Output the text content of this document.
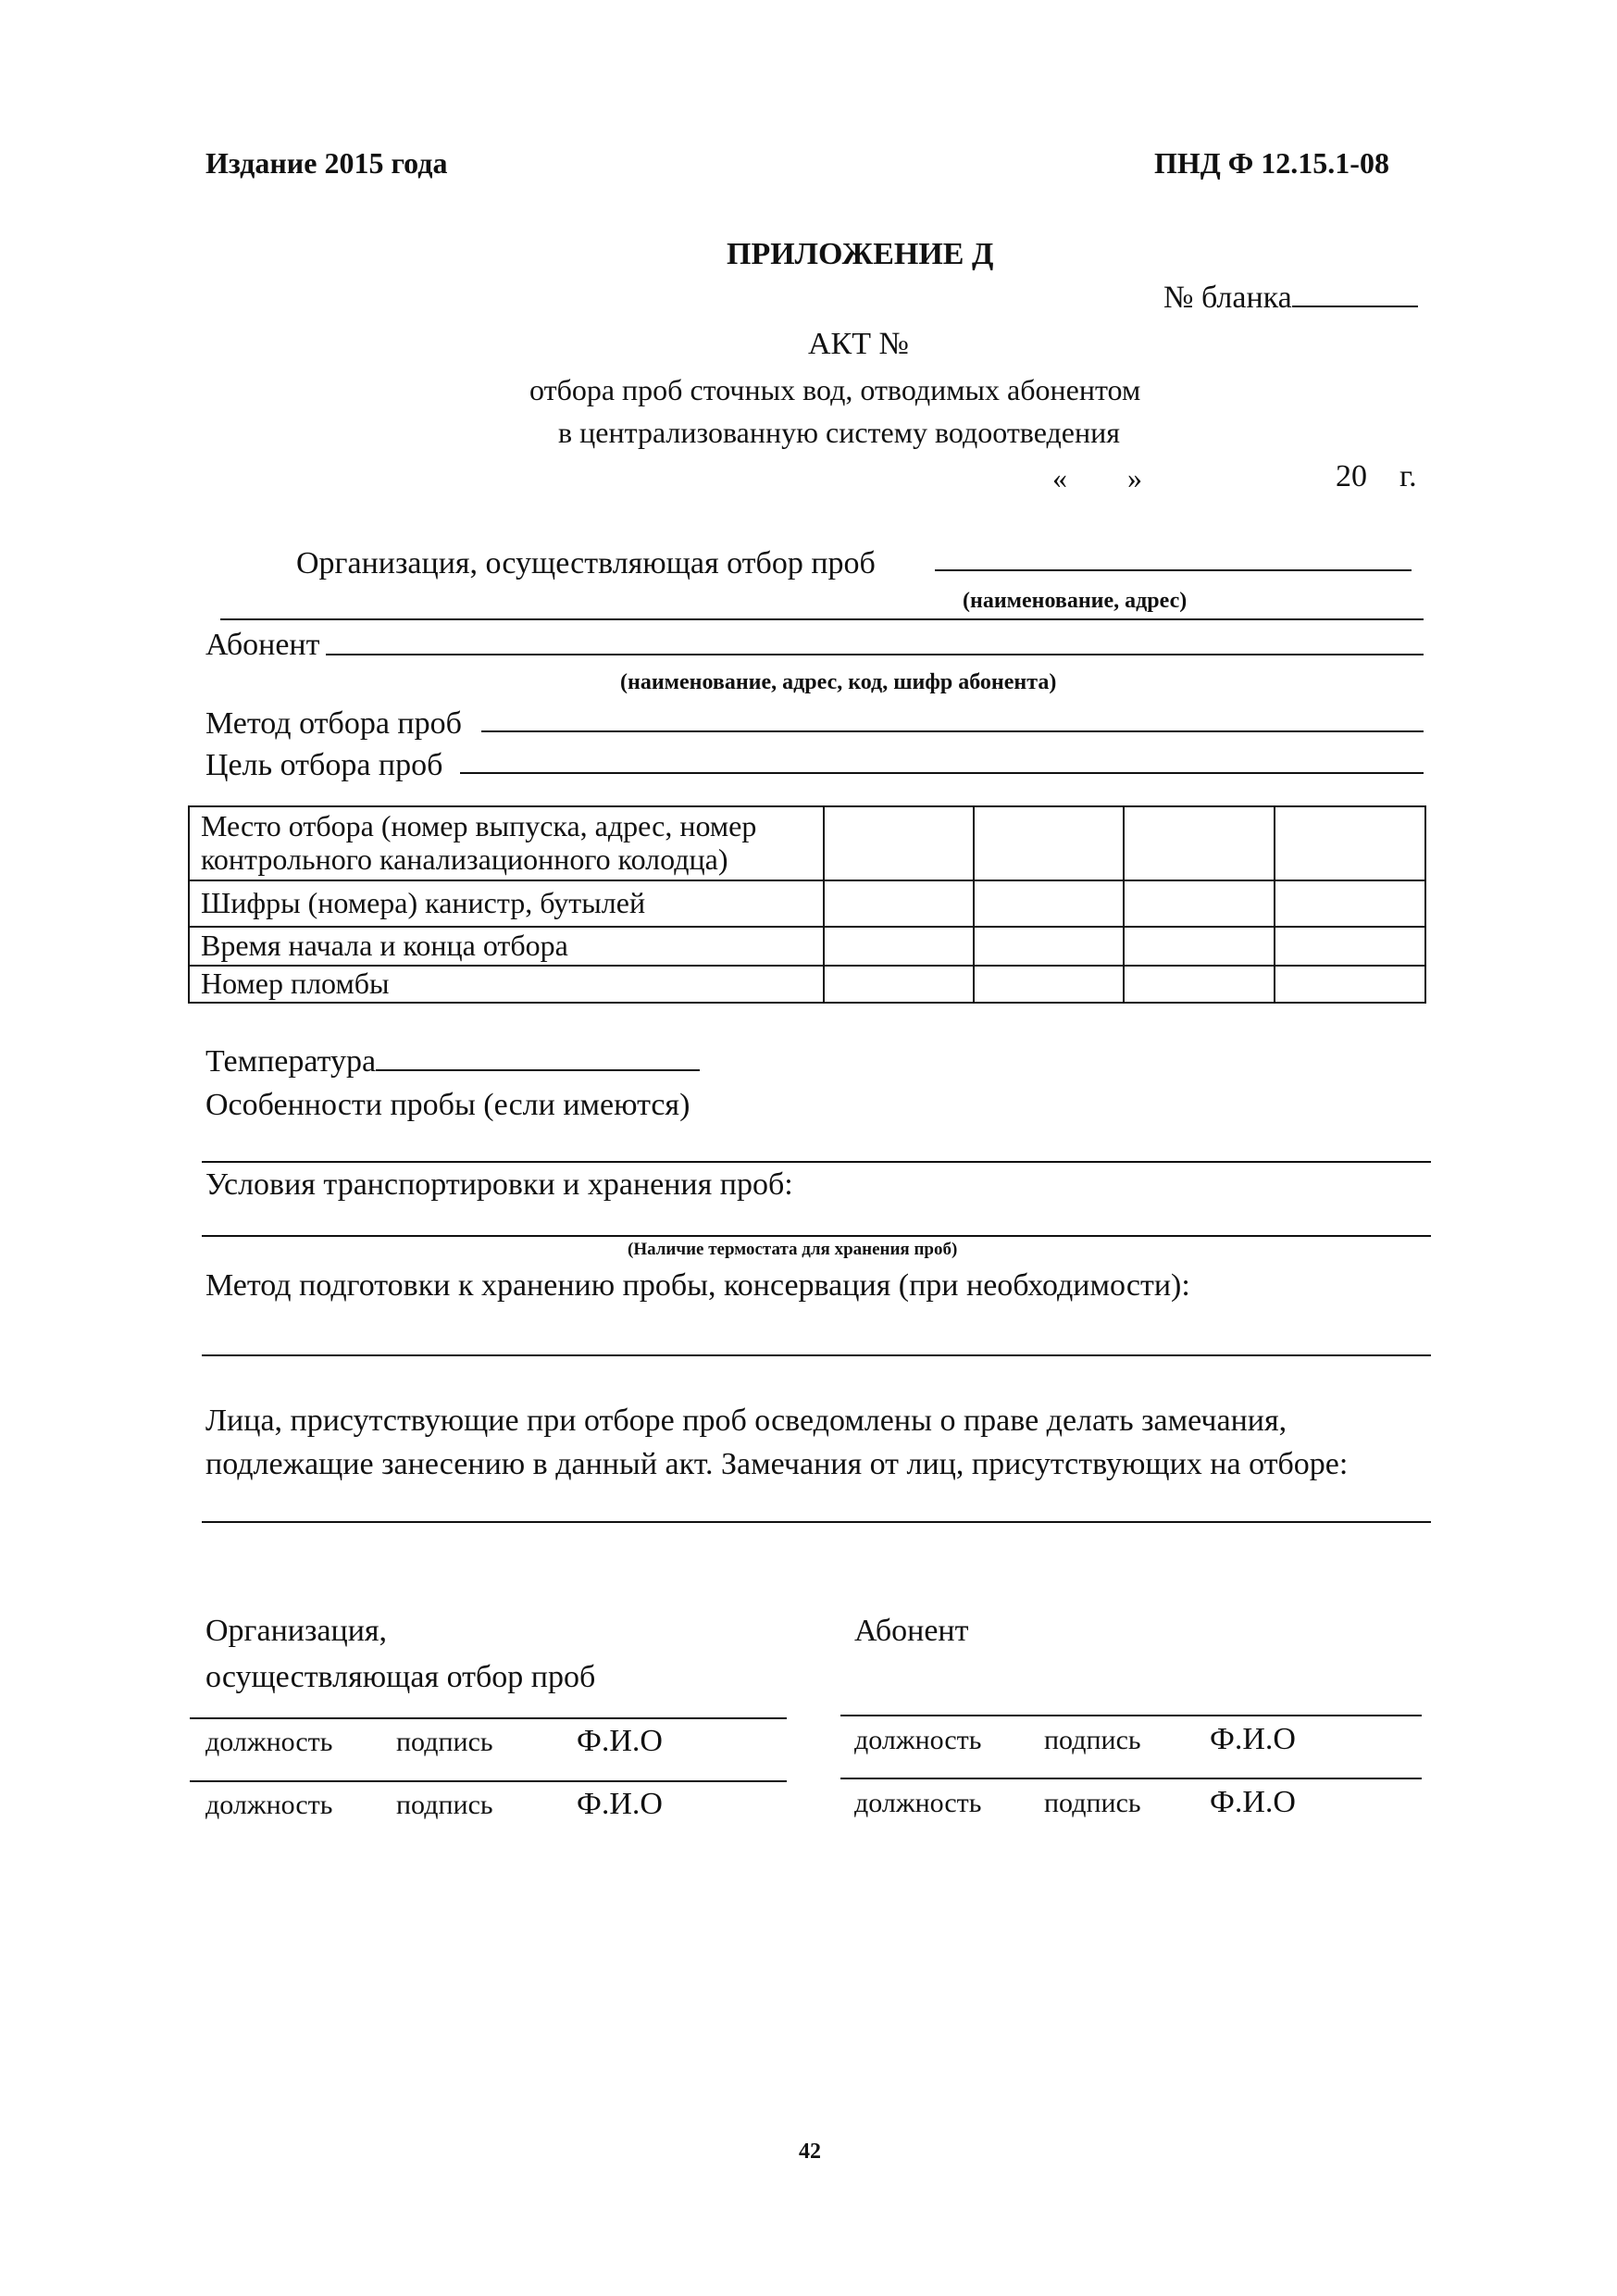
Издание 2015 года	ПНД Ф 12.15.1-08
ПРИЛОЖЕНИЕ Д
№ бланка
АКТ №
отбора проб сточных вод, отводимых абонентом
в централизованную систему водоотведения
« »	20 г.
Организация, осуществляющая отбор проб
(наименование, адрес)
Абонент
(наименование, адрес, код, шифр абонента)
Метод отбора проб
Цель отбора проб
Место отбора (номер выпуска, адрес, номер контрольного канализационного колодца)				
Шифры (номера) канистр, бутылей				
Время начала и конца отбора				
Номер пломбы				
Температура
Особенности пробы (если имеются)
Условия транспортировки и хранения проб:
(Наличие термостата для хранения проб)
Метод подготовки к хранению пробы, консервация (при необходимости):
Лица, присутствующие при отборе проб осведомлены о праве делать замечания,
подлежащие занесению в данный акт. Замечания от лиц, присутствующих на отборе:
Организация,
осуществляющая отбор проб
Абонент
должность подпись	Ф.И.О	должность подпись Ф.И.О
должность подпись	Ф.И.О	должность подпись Ф.И.О
42
